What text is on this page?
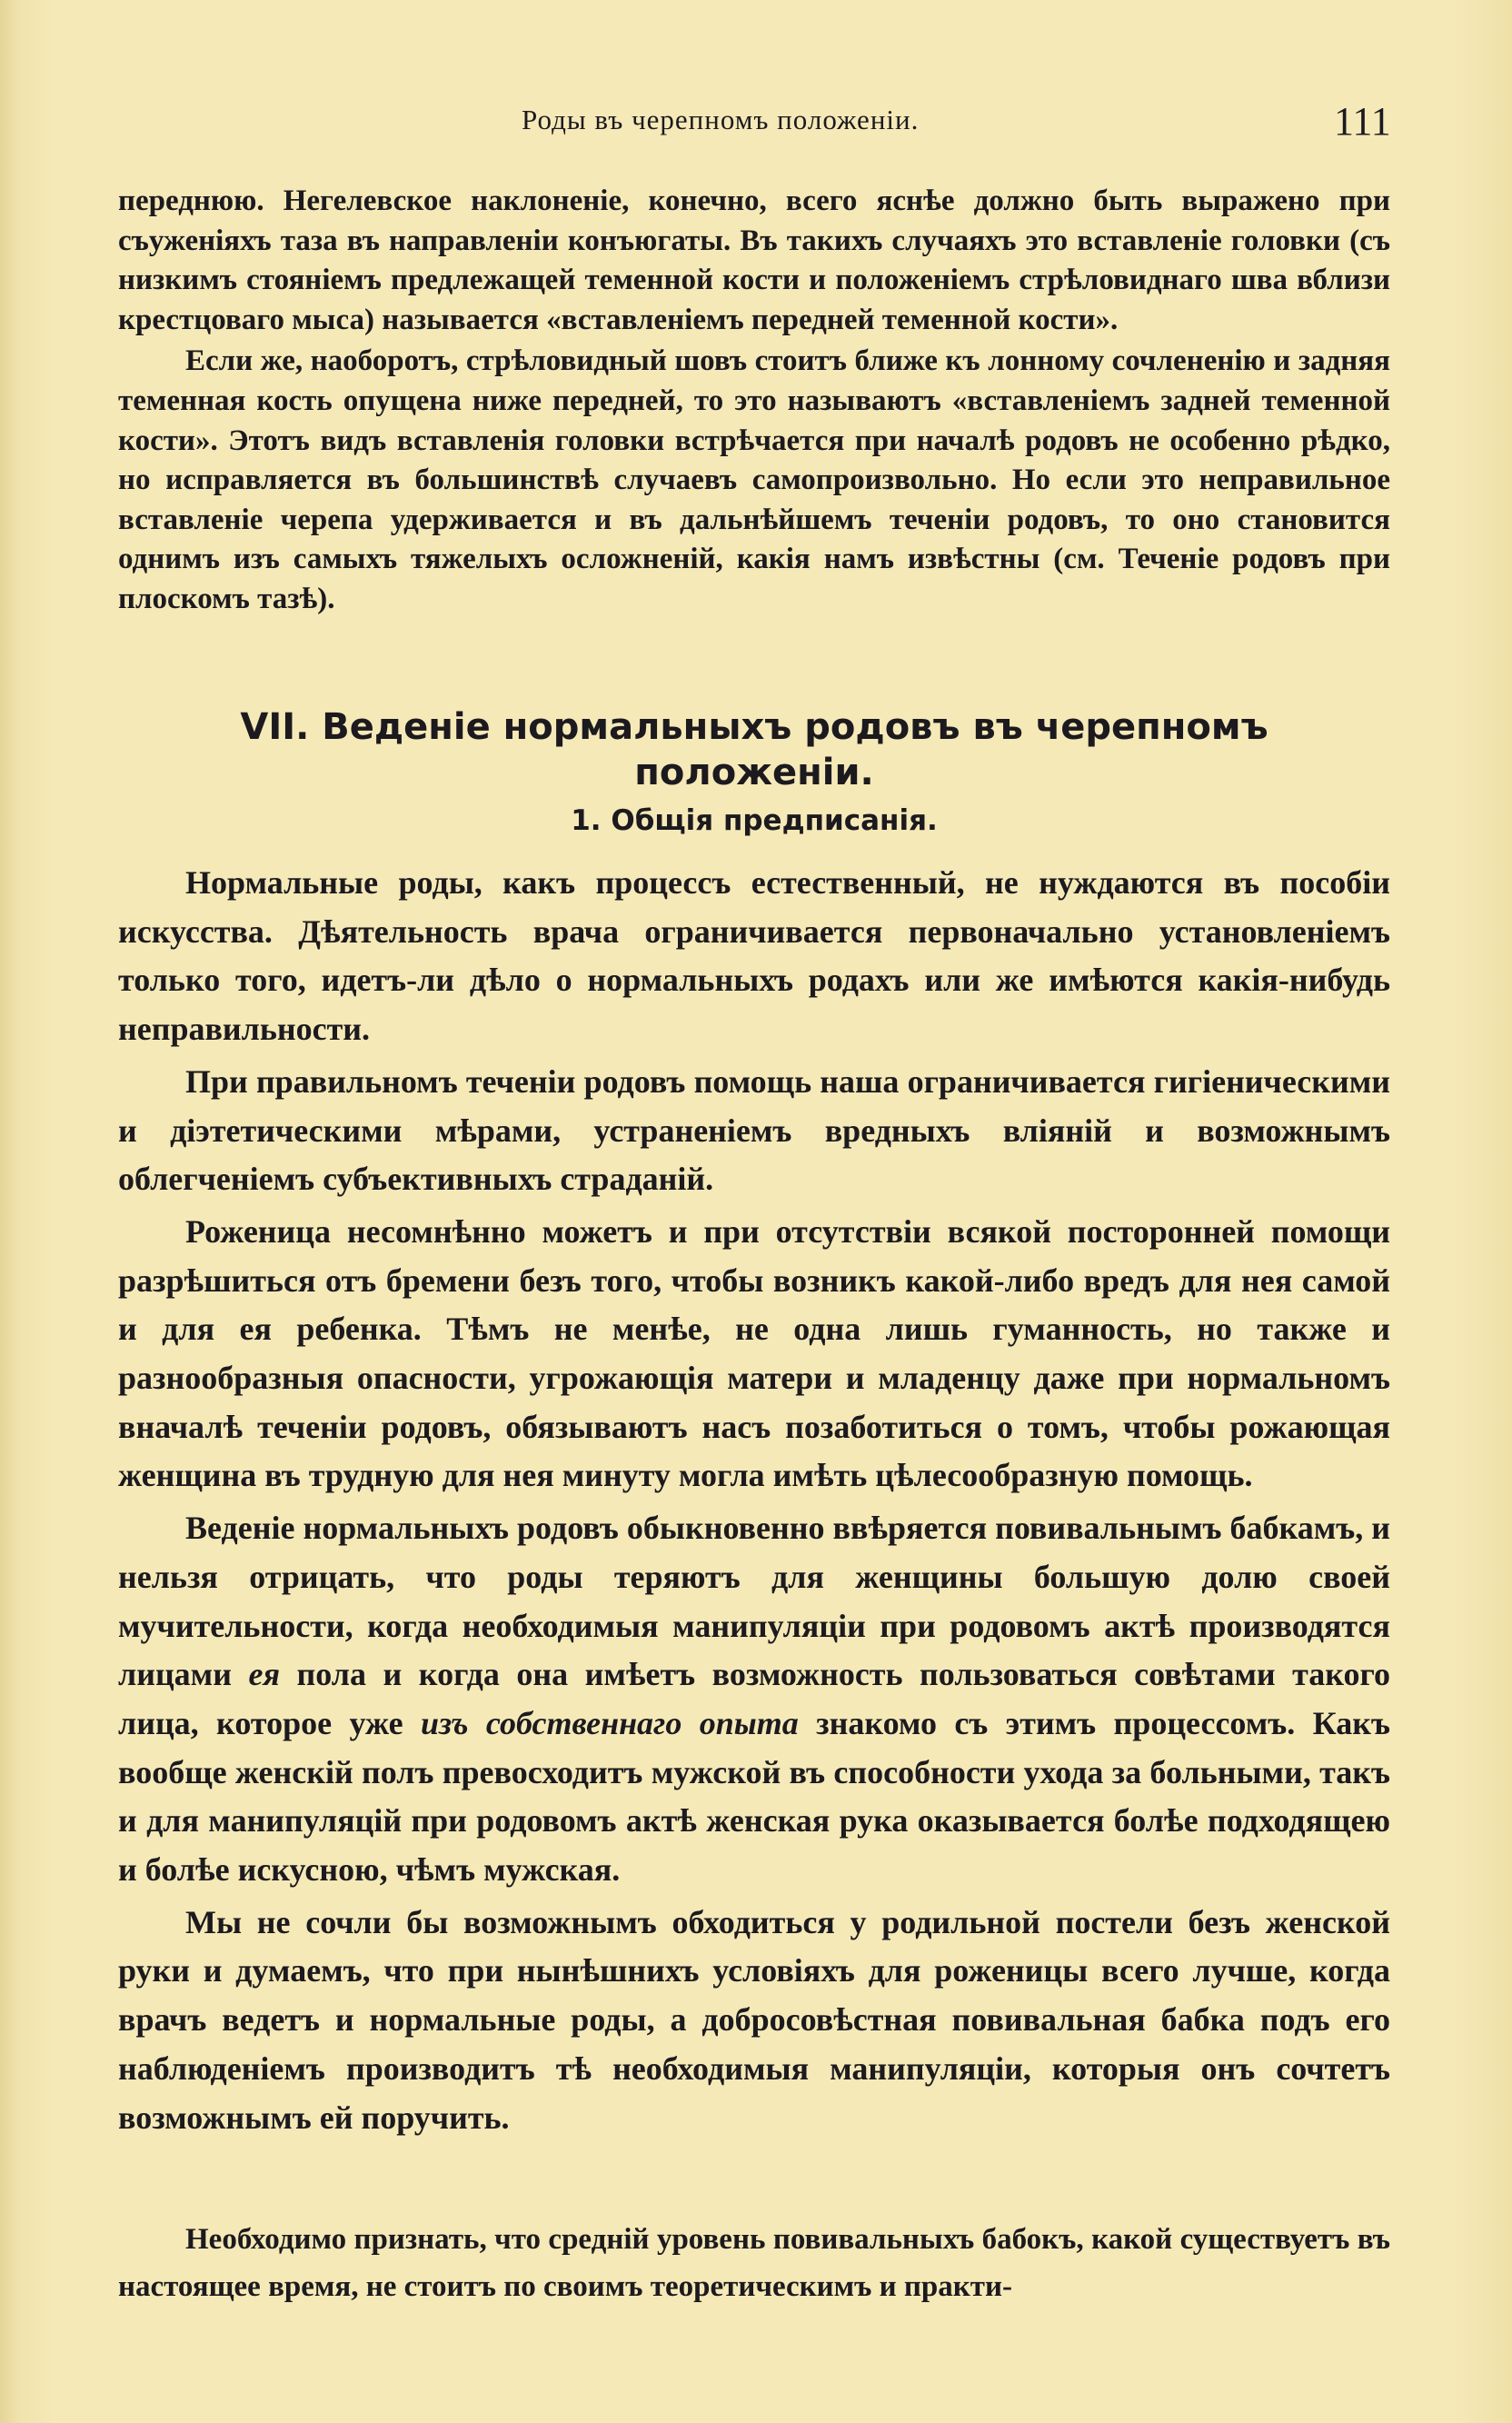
Роды въ черепномъ положеніи.	111

переднюю. Негелевское наклоненіе, конечно, всего яснѣе должно быть выражено при съуженіяхъ таза въ направленіи конъюгаты. Въ такихъ случаяхъ это вставленіе головки (съ низкимъ стояніемъ предлежащей теменной кости и положеніемъ стрѣловиднаго шва вблизи крестцоваго мыса) называется «вставленіемъ передней теменной кости».

Если же, наоборотъ, стрѣловидный шовъ стоитъ ближе къ лонному сочлененію и задняя теменная кость опущена ниже передней, то это называютъ «вставленіемъ задней теменной кости». Этотъ видъ вставленія головки встрѣчается при началѣ родовъ не особенно рѣдко, но исправляется въ большинствѣ случаевъ самопроизвольно. Но если это неправильное вставленіе черепа удерживается и въ дальнѣйшемъ теченіи родовъ, то оно становится однимъ изъ самыхъ тяжелыхъ осложненій, какія намъ извѣстны (см. Теченіе родовъ при плоскомъ тазѣ).

VII. Веденіе нормальныхъ родовъ въ черепномъ положеніи.
1. Общія предписанія.

Нормальные роды, какъ процессъ естественный, не нуждаются въ пособіи искусства. Дѣятельность врача ограничивается первоначально установленіемъ только того, идетъ-ли дѣло о нормальныхъ родахъ или же имѣются какія-нибудь неправильности.

При правильномъ теченіи родовъ помощь наша ограничивается гигіеническими и діэтетическими мѣрами, устраненіемъ вредныхъ вліяній и возможнымъ облегченіемъ субъективныхъ страданій.

Роженица несомнѣнно можетъ и при отсутствіи всякой посторонней помощи разрѣшиться отъ бремени безъ того, чтобы возникъ какой-либо вредъ для нея самой и для ея ребенка. Тѣмъ не менѣе, не одна лишь гуманность, но также и разнообразныя опасности, угрожающія матери и младенцу даже при нормальномъ вначалѣ теченіи родовъ, обязываютъ насъ позаботиться о томъ, чтобы рожающая женщина въ трудную для нея минуту могла имѣть цѣлесообразную помощь.

Веденіе нормальныхъ родовъ обыкновенно ввѣряется повивальнымъ бабкамъ, и нельзя отрицать, что роды теряютъ для женщины большую долю своей мучительности, когда необходимыя манипуляціи при родовомъ актѣ производятся лицами ея пола и когда она имѣетъ возможность пользоваться совѣтами такого лица, которое уже изъ собственнаго опыта знакомо съ этимъ процессомъ. Какъ вообще женскій полъ превосходитъ мужской въ способности ухода за больными, такъ и для манипуляцій при родовомъ актѣ женская рука оказывается болѣе подходящею и болѣе искусною, чѣмъ мужская.

Мы не сочли бы возможнымъ обходиться у родильной постели безъ женской руки и думаемъ, что при нынѣшнихъ условіяхъ для роженицы всего лучше, когда врачъ ведетъ и нормальные роды, а добросовѣстная повивальная бабка подъ его наблюденіемъ производитъ тѣ необходимыя манипуляціи, которыя онъ сочтетъ возможнымъ ей поручить.

Необходимо признать, что средній уровень повивальныхъ бабокъ, какой существуетъ въ настоящее время, не стоитъ по своимъ теоретическимъ и практи-
